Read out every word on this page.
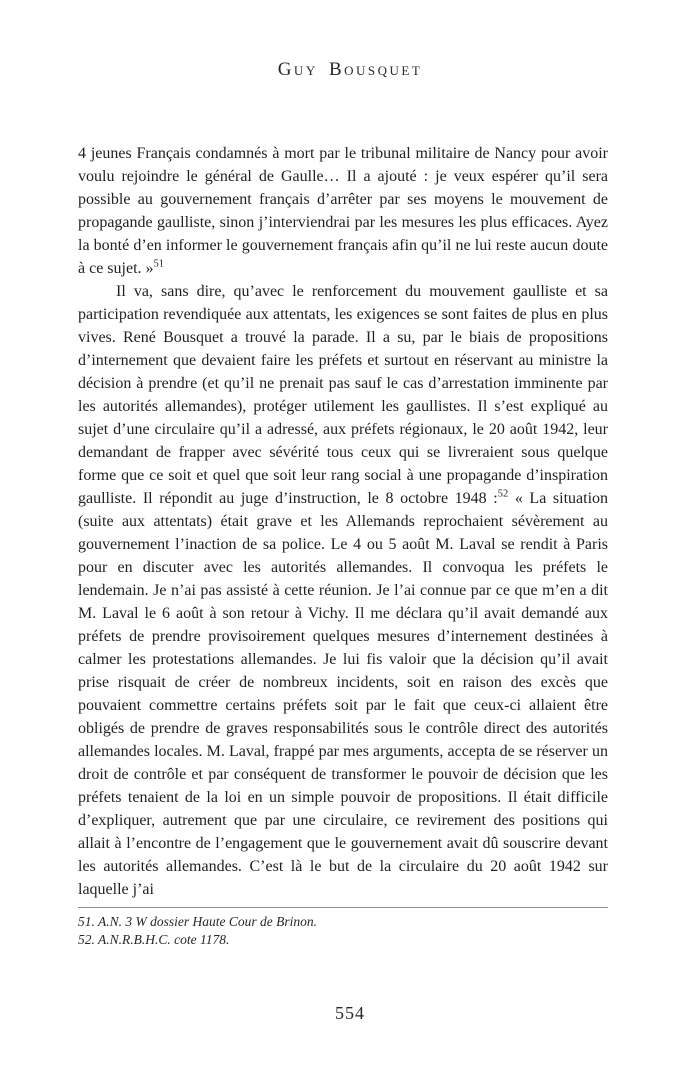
Guy Bousquet

4 jeunes Français condamnés à mort par le tribunal militaire de Nancy pour avoir voulu rejoindre le général de Gaulle… Il a ajouté : je veux espérer qu’il sera possible au gouvernement français d’arrêter par ses moyens le mouvement de propagande gaulliste, sinon j’interviendrai par les mesures les plus efficaces. Ayez la bonté d’en informer le gouvernement français afin qu’il ne lui reste aucun doute à ce sujet. »$^{51}$

Il va, sans dire, qu’avec le renforcement du mouvement gaulliste et sa participation revendiquée aux attentats, les exigences se sont faites de plus en plus vives. René Bousquet a trouvé la parade. Il a su, par le biais de propositions d’internement que devaient faire les préfets et surtout en réservant au ministre la décision à prendre (et qu’il ne prenait pas sauf le cas d’arrestation imminente par les autorités allemandes), protéger utilement les gaullistes. Il s’est expliqué au sujet d’une circulaire qu’il a adressé, aux préfets régionaux, le 20 août 1942, leur demandant de frapper avec sévérité tous ceux qui se livreraient sous quelque forme que ce soit et quel que soit leur rang social à une propagande d’inspiration gaulliste. Il répondit au juge d’instruction, le 8 octobre 1948 :$^{52}$ « La situation (suite aux attentats) était grave et les Allemands reprochaient sévèrement au gouvernement l’inaction de sa police. Le 4 ou 5 août M. Laval se rendit à Paris pour en discuter avec les autorités allemandes. Il convoqua les préfets le lendemain. Je n’ai pas assisté à cette réunion. Je l’ai connue par ce que m’en a dit M. Laval le 6 août à son retour à Vichy. Il me déclara qu’il avait demandé aux préfets de prendre provisoirement quelques mesures d’internement destinées à calmer les protestations allemandes. Je lui fis valoir que la décision qu’il avait prise risquait de créer de nombreux incidents, soit en raison des excès que pouvaient commettre certains préfets soit par le fait que ceux-ci allaient être obligés de prendre de graves responsabilités sous le contrôle direct des autorités allemandes locales. M. Laval, frappé par mes arguments, accepta de se réserver un droit de contrôle et par conséquent de transformer le pouvoir de décision que les préfets tenaient de la loi en un simple pouvoir de propositions. Il était difficile d’expliquer, autrement que par une circulaire, ce revirement des positions qui allait à l’encontre de l’engagement que le gouvernement avait dû souscrire devant les autorités allemandes. C’est là le but de la circulaire du 20 août 1942 sur laquelle j’ai

51. A.N. 3 W dossier Haute Cour de Brinon.
52. A.N.R.B.H.C. cote 1178.
554
